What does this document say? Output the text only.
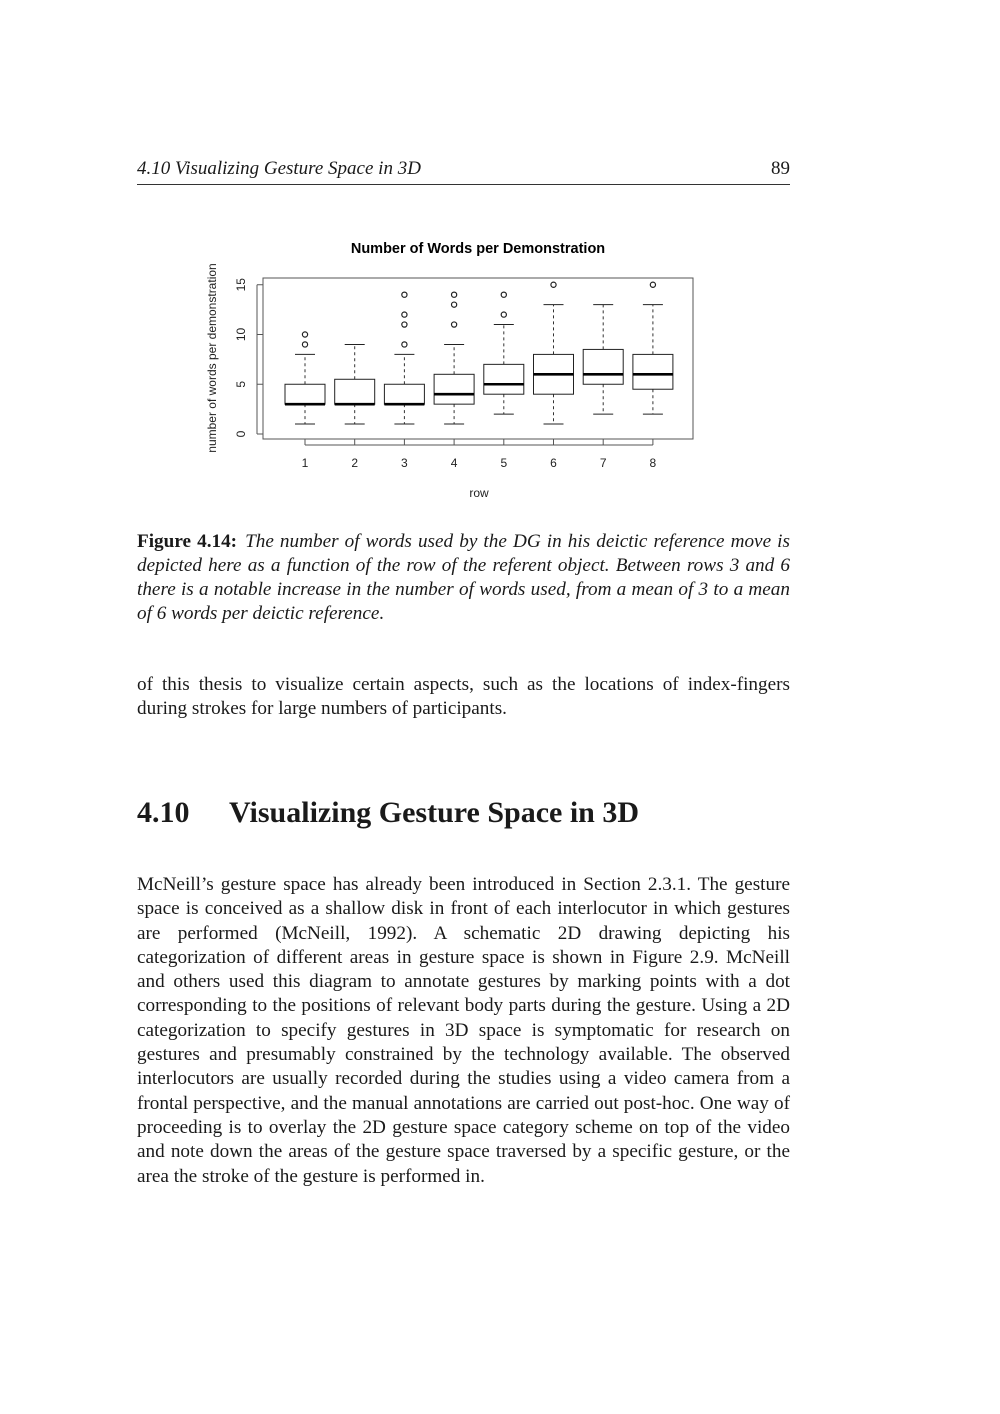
4.10 Visualizing Gesture Space in 3D	89
Number of Words per Demonstration
0
5
10
15
1	2	3	4	5	6	7	8
row
number of words per demonstration
Figure 4.14: The number of words used by the DG in his deictic reference move is depicted here as a function of the row of the referent object. Between rows 3 and 6 there is a notable increase in the number of words used, from a mean of 3 to a mean of 6 words per deictic reference.
of this thesis to visualize certain aspects, such as the locations of index-fingers during strokes for large numbers of participants.
4.10 Visualizing Gesture Space in 3D
McNeill’s gesture space has already been introduced in Section 2.3.1. The gesture space is conceived as a shallow disk in front of each interlocutor in which gestures are performed (McNeill, 1992). A schematic 2D drawing depicting his categorization of different areas in gesture space is shown in Figure 2.9. McNeill and others used this diagram to annotate gestures by marking points with a dot corresponding to the positions of relevant body parts during the gesture. Using a 2D categorization to specify gestures in 3D space is symptomatic for research on gestures and presumably constrained by the technology available. The observed interlocutors are usually recorded during the studies using a video camera from a frontal perspective, and the manual annotations are carried out post-hoc. One way of proceeding is to overlay the 2D gesture space category scheme on top of the video and note down the areas of the gesture space traversed by a specific gesture, or the area the stroke of the gesture is performed in.
